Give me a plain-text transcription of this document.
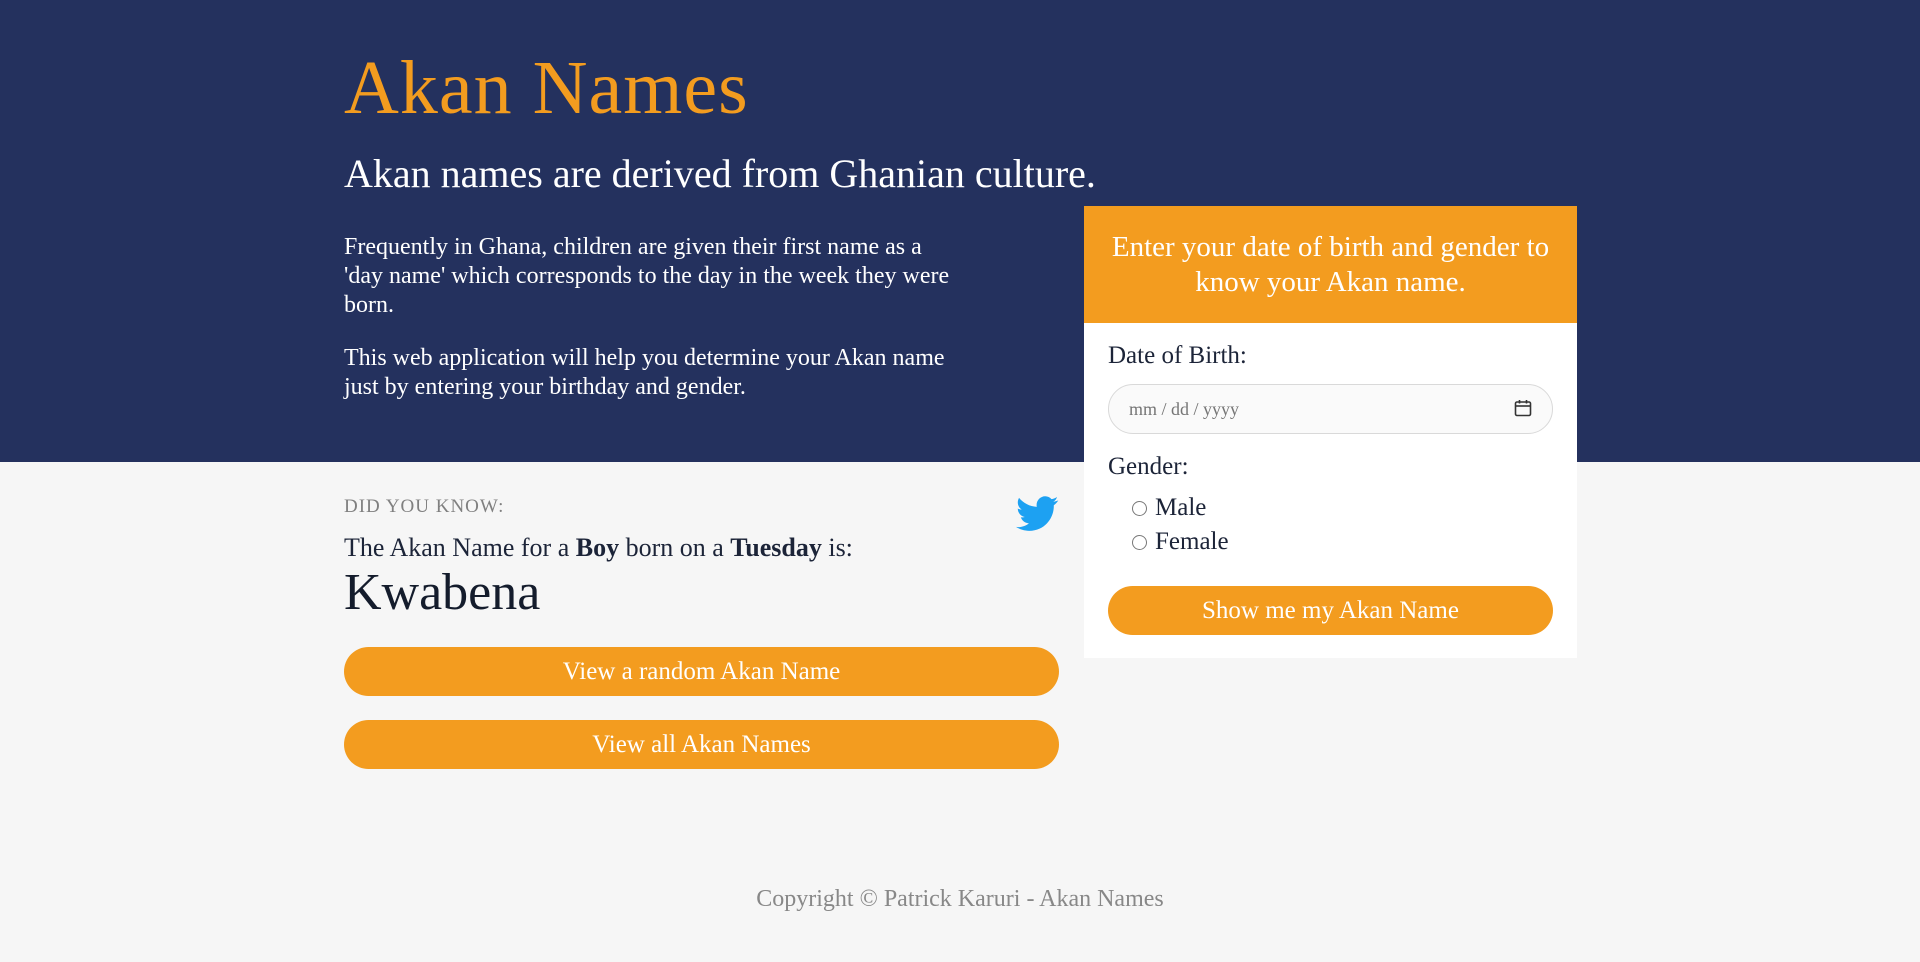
Akan Names
Akan names are derived from Ghanian culture.

Frequently in Ghana, children are given their first name as a 'day name' which corresponds to the day in the week they were born.

This web application will help you determine your Akan name just by entering your birthday and gender.

DID YOU KNOW:
The Akan Name for a Boy born on a Tuesday is:
Kwabena
View a random Akan Name
View all Akan Names
Enter your date of birth and gender to know your Akan name.
Date of Birth:
mm / dd / yyyy
Gender:
Male
Female
Show me my Akan Name
Copyright © Patrick Karuri - Akan Names
